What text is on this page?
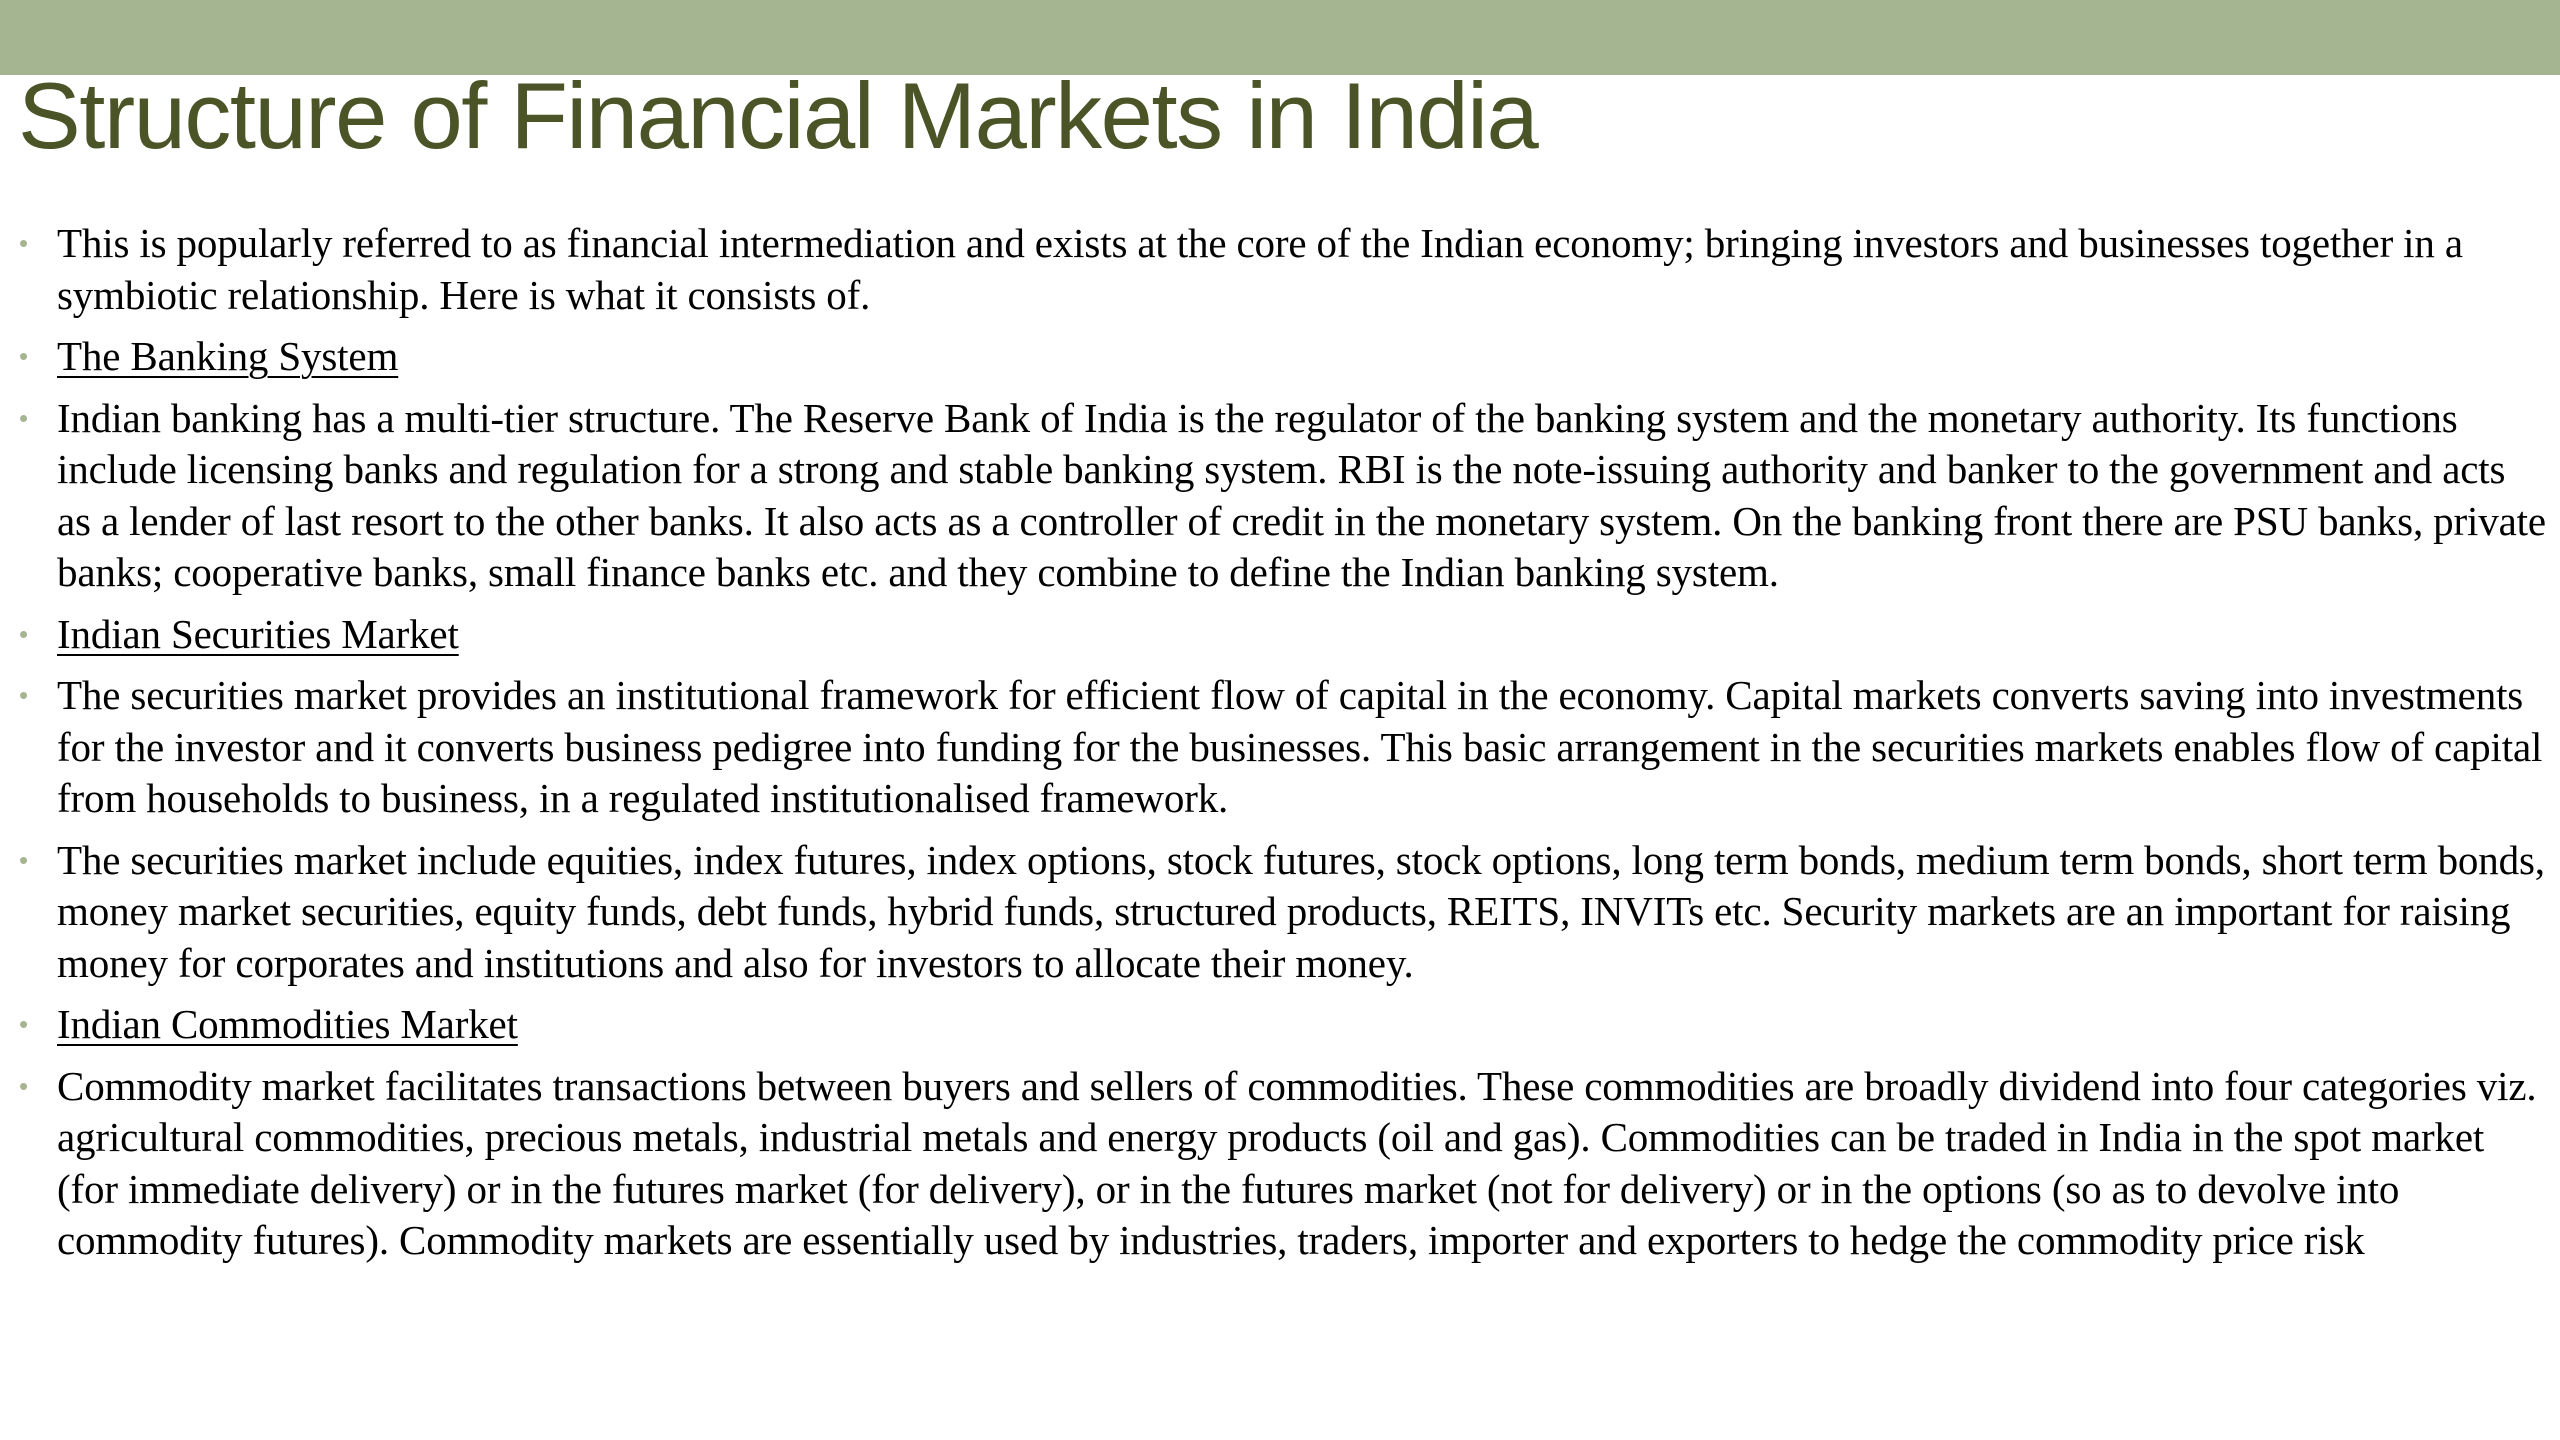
Structure of Financial Markets in India
• This is popularly referred to as financial intermediation and exists at the core of the Indian economy; bringing investors and businesses together in a symbiotic relationship. Here is what it consists of.
• The Banking System
• Indian banking has a multi-tier structure. The Reserve Bank of India is the regulator of the banking system and the monetary authority. Its functions include licensing banks and regulation for a strong and stable banking system. RBI is the note-issuing authority and banker to the government and acts as a lender of last resort to the other banks. It also acts as a controller of credit in the monetary system. On the banking front there are PSU banks, private banks; cooperative banks, small finance banks etc. and they combine to define the Indian banking system.
• Indian Securities Market
• The securities market provides an institutional framework for efficient flow of capital in the economy. Capital markets converts saving into investments for the investor and it converts business pedigree into funding for the businesses. This basic arrangement in the securities markets enables flow of capital from households to business, in a regulated institutionalised framework.
• The securities market include equities, index futures, index options, stock futures, stock options, long term bonds, medium term bonds, short term bonds, money market securities, equity funds, debt funds, hybrid funds, structured products, REITS, INVITs etc. Security markets are an important for raising money for corporates and institutions and also for investors to allocate their money.
• Indian Commodities Market
• Commodity market facilitates transactions between buyers and sellers of commodities. These commodities are broadly dividend into four categories viz. agricultural commodities, precious metals, industrial metals and energy products (oil and gas). Commodities can be traded in India in the spot market (for immediate delivery) or in the futures market (for delivery), or in the futures market (not for delivery) or in the options (so as to devolve into commodity futures). Commodity markets are essentially used by industries, traders, importer and exporters to hedge the commodity price risk
